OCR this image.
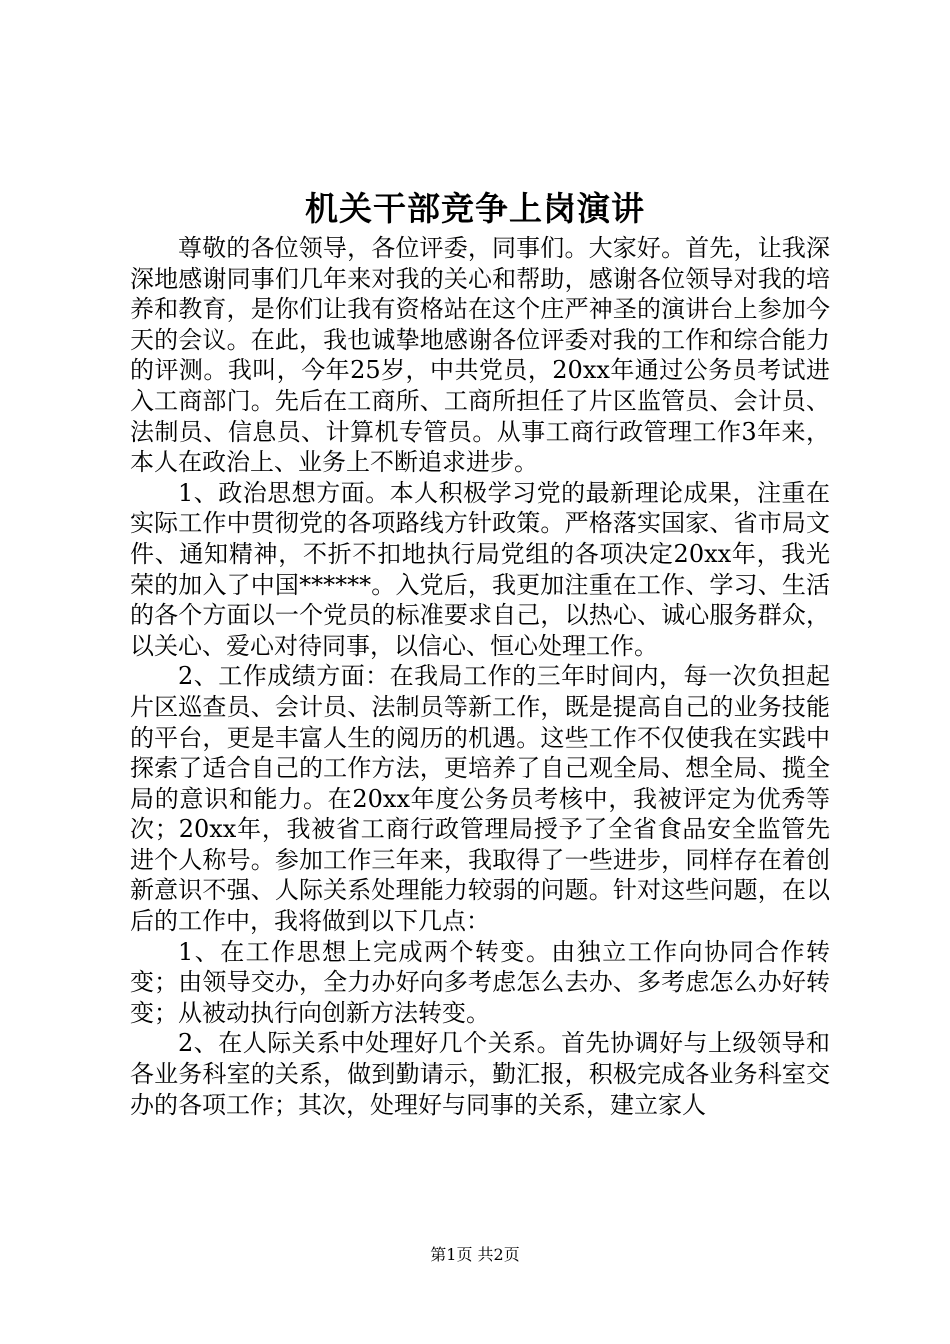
机关干部竞争上岗演讲

尊敬的各位领导，各位评委，同事们。大家好。首先，让我深深地感谢同事们几年来对我的关心和帮助，感谢各位领导对我的培养和教育，是你们让我有资格站在这个庄严神圣的演讲台上参加今天的会议。在此，我也诚挚地感谢各位评委对我的工作和综合能力的评测。我叫，今年25岁，中共党员，20xx年通过公务员考试进入工商部门。先后在工商所、工商所担任了片区监管员、会计员、法制员、信息员、计算机专管员。从事工商行政管理工作3年来，本人在政治上、业务上不断追求进步。

1、政治思想方面。本人积极学习党的最新理论成果，注重在实际工作中贯彻党的各项路线方针政策。严格落实国家、省市局文件、通知精神，不折不扣地执行局党组的各项决定20xx年，我光荣的加入了中国******。入党后，我更加注重在工作、学习、生活的各个方面以一个党员的标准要求自己，以热心、诚心服务群众，以关心、爱心对待同事，以信心、恒心处理工作。

2、工作成绩方面：在我局工作的三年时间内，每一次负担起片区巡查员、会计员、法制员等新工作，既是提高自己的业务技能的平台，更是丰富人生的阅历的机遇。这些工作不仅使我在实践中探索了适合自己的工作方法，更培养了自己观全局、想全局、揽全局的意识和能力。在20xx年度公务员考核中，我被评定为优秀等次；20xx年，我被省工商行政管理局授予了全省食品安全监管先进个人称号。参加工作三年来，我取得了一些进步，同样存在着创新意识不强、人际关系处理能力较弱的问题。针对这些问题，在以后的工作中，我将做到以下几点：

1、在工作思想上完成两个转变。由独立工作向协同合作转变；由领导交办，全力办好向多考虑怎么去办、多考虑怎么办好转变；从被动执行向创新方法转变。

2、在人际关系中处理好几个关系。首先协调好与上级领导和各业务科室的关系，做到勤请示，勤汇报，积极完成各业务科室交办的各项工作；其次，处理好与同事的关系，建立家人

第1页 共2页
